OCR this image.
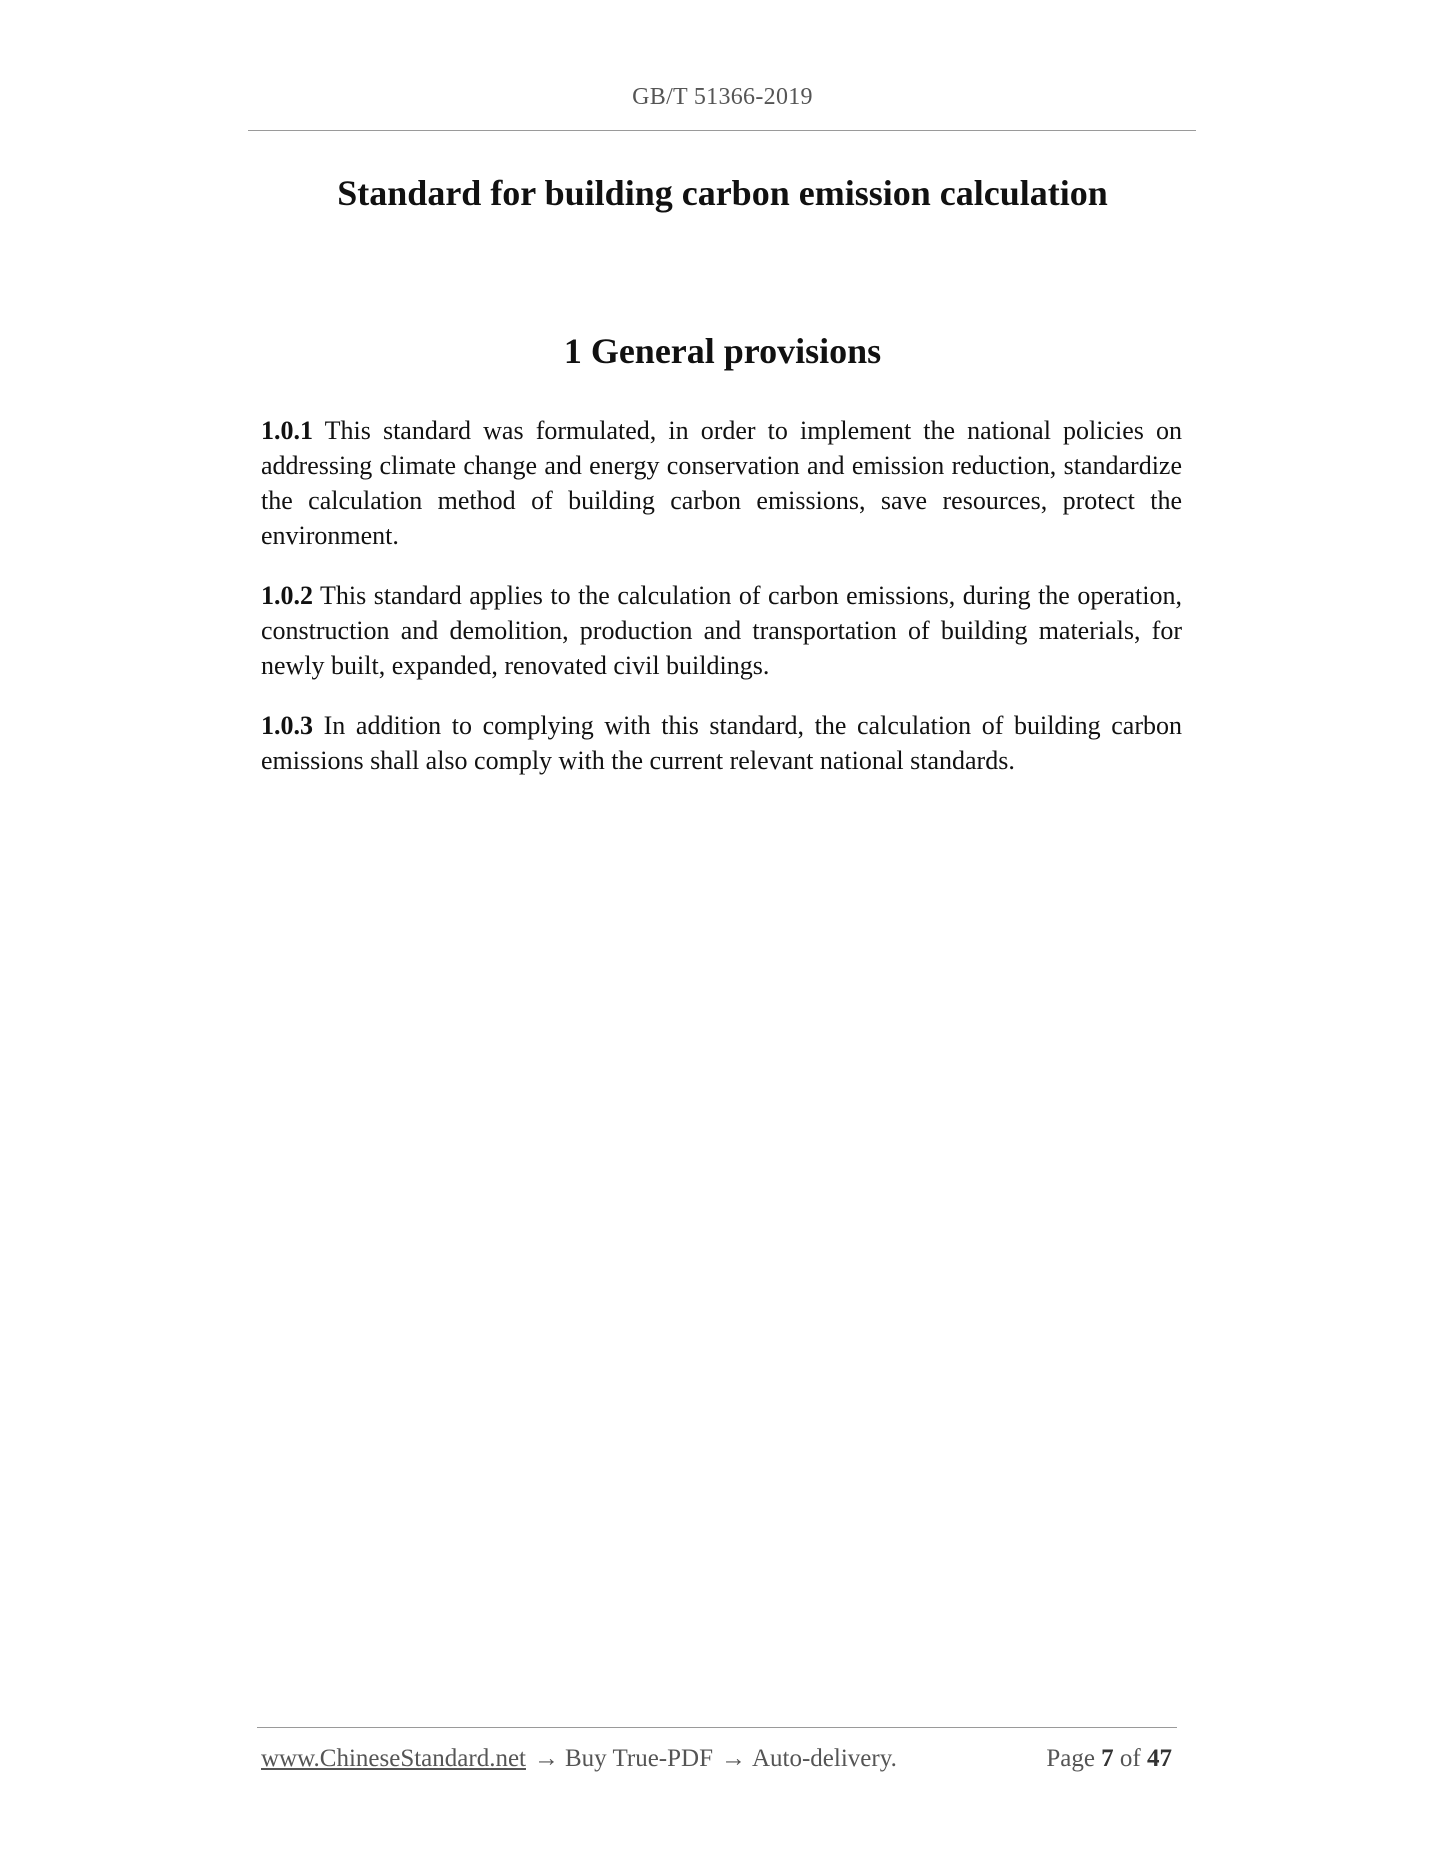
GB/T 51366-2019
Standard for building carbon emission calculation
1 General provisions

1.0.1 This standard was formulated, in order to implement the national policies on addressing climate change and energy conservation and emission reduction, standardize the calculation method of building carbon emissions, save resources, protect the environment.

1.0.2 This standard applies to the calculation of carbon emissions, during the operation, construction and demolition, production and transportation of building materials, for newly built, expanded, renovated civil buildings.

1.0.3 In addition to complying with this standard, the calculation of building carbon emissions shall also comply with the current relevant national standards.

www.ChineseStandard.net → Buy True-PDF → Auto-delivery.	Page 7 of 47
